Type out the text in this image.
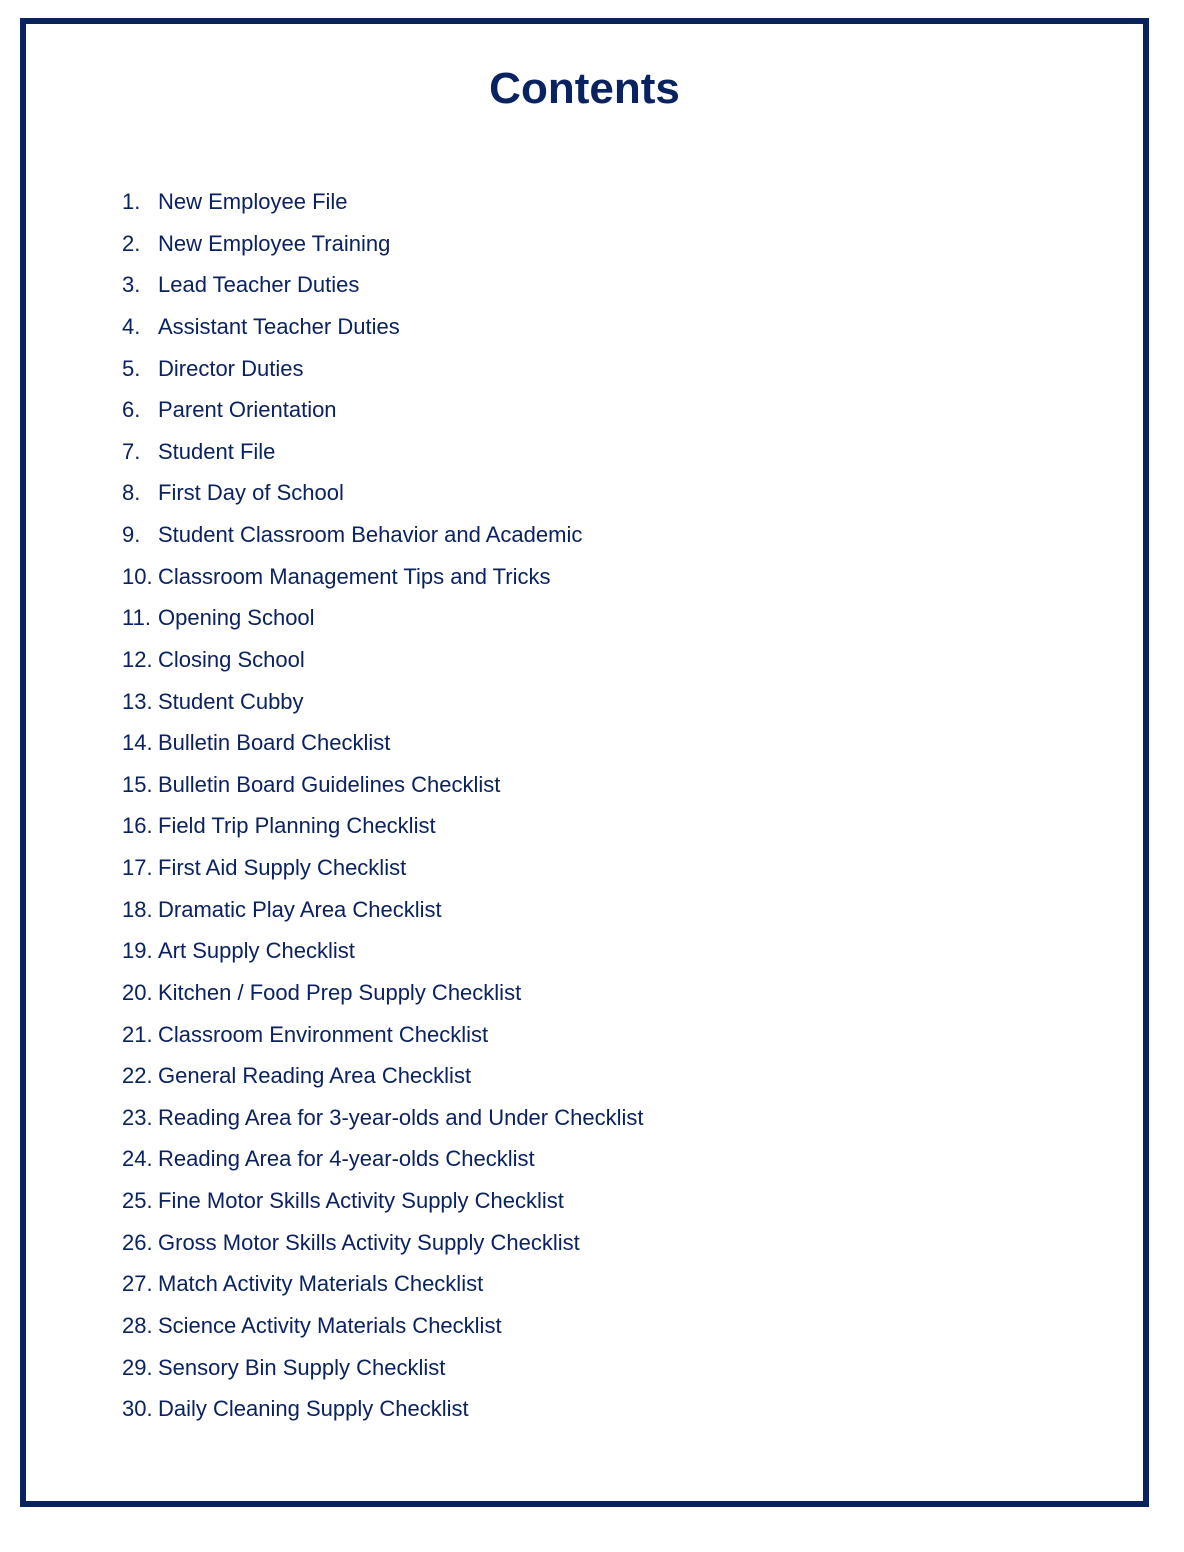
Contents
1. New Employee File
2. New Employee Training
3. Lead Teacher Duties
4. Assistant Teacher Duties
5. Director Duties
6. Parent Orientation
7. Student File
8. First Day of School
9. Student Classroom Behavior and Academic
10. Classroom Management Tips and Tricks
11. Opening School
12. Closing School
13. Student Cubby
14. Bulletin Board Checklist
15. Bulletin Board Guidelines Checklist
16. Field Trip Planning Checklist
17. First Aid Supply Checklist
18. Dramatic Play Area Checklist
19. Art Supply Checklist
20. Kitchen / Food Prep Supply Checklist
21. Classroom Environment Checklist
22. General Reading Area Checklist
23. Reading Area for 3-year-olds and Under Checklist
24. Reading Area for 4-year-olds Checklist
25. Fine Motor Skills Activity Supply Checklist
26. Gross Motor Skills Activity Supply Checklist
27. Match Activity Materials Checklist
28. Science Activity Materials Checklist
29. Sensory Bin Supply Checklist
30. Daily Cleaning Supply Checklist
